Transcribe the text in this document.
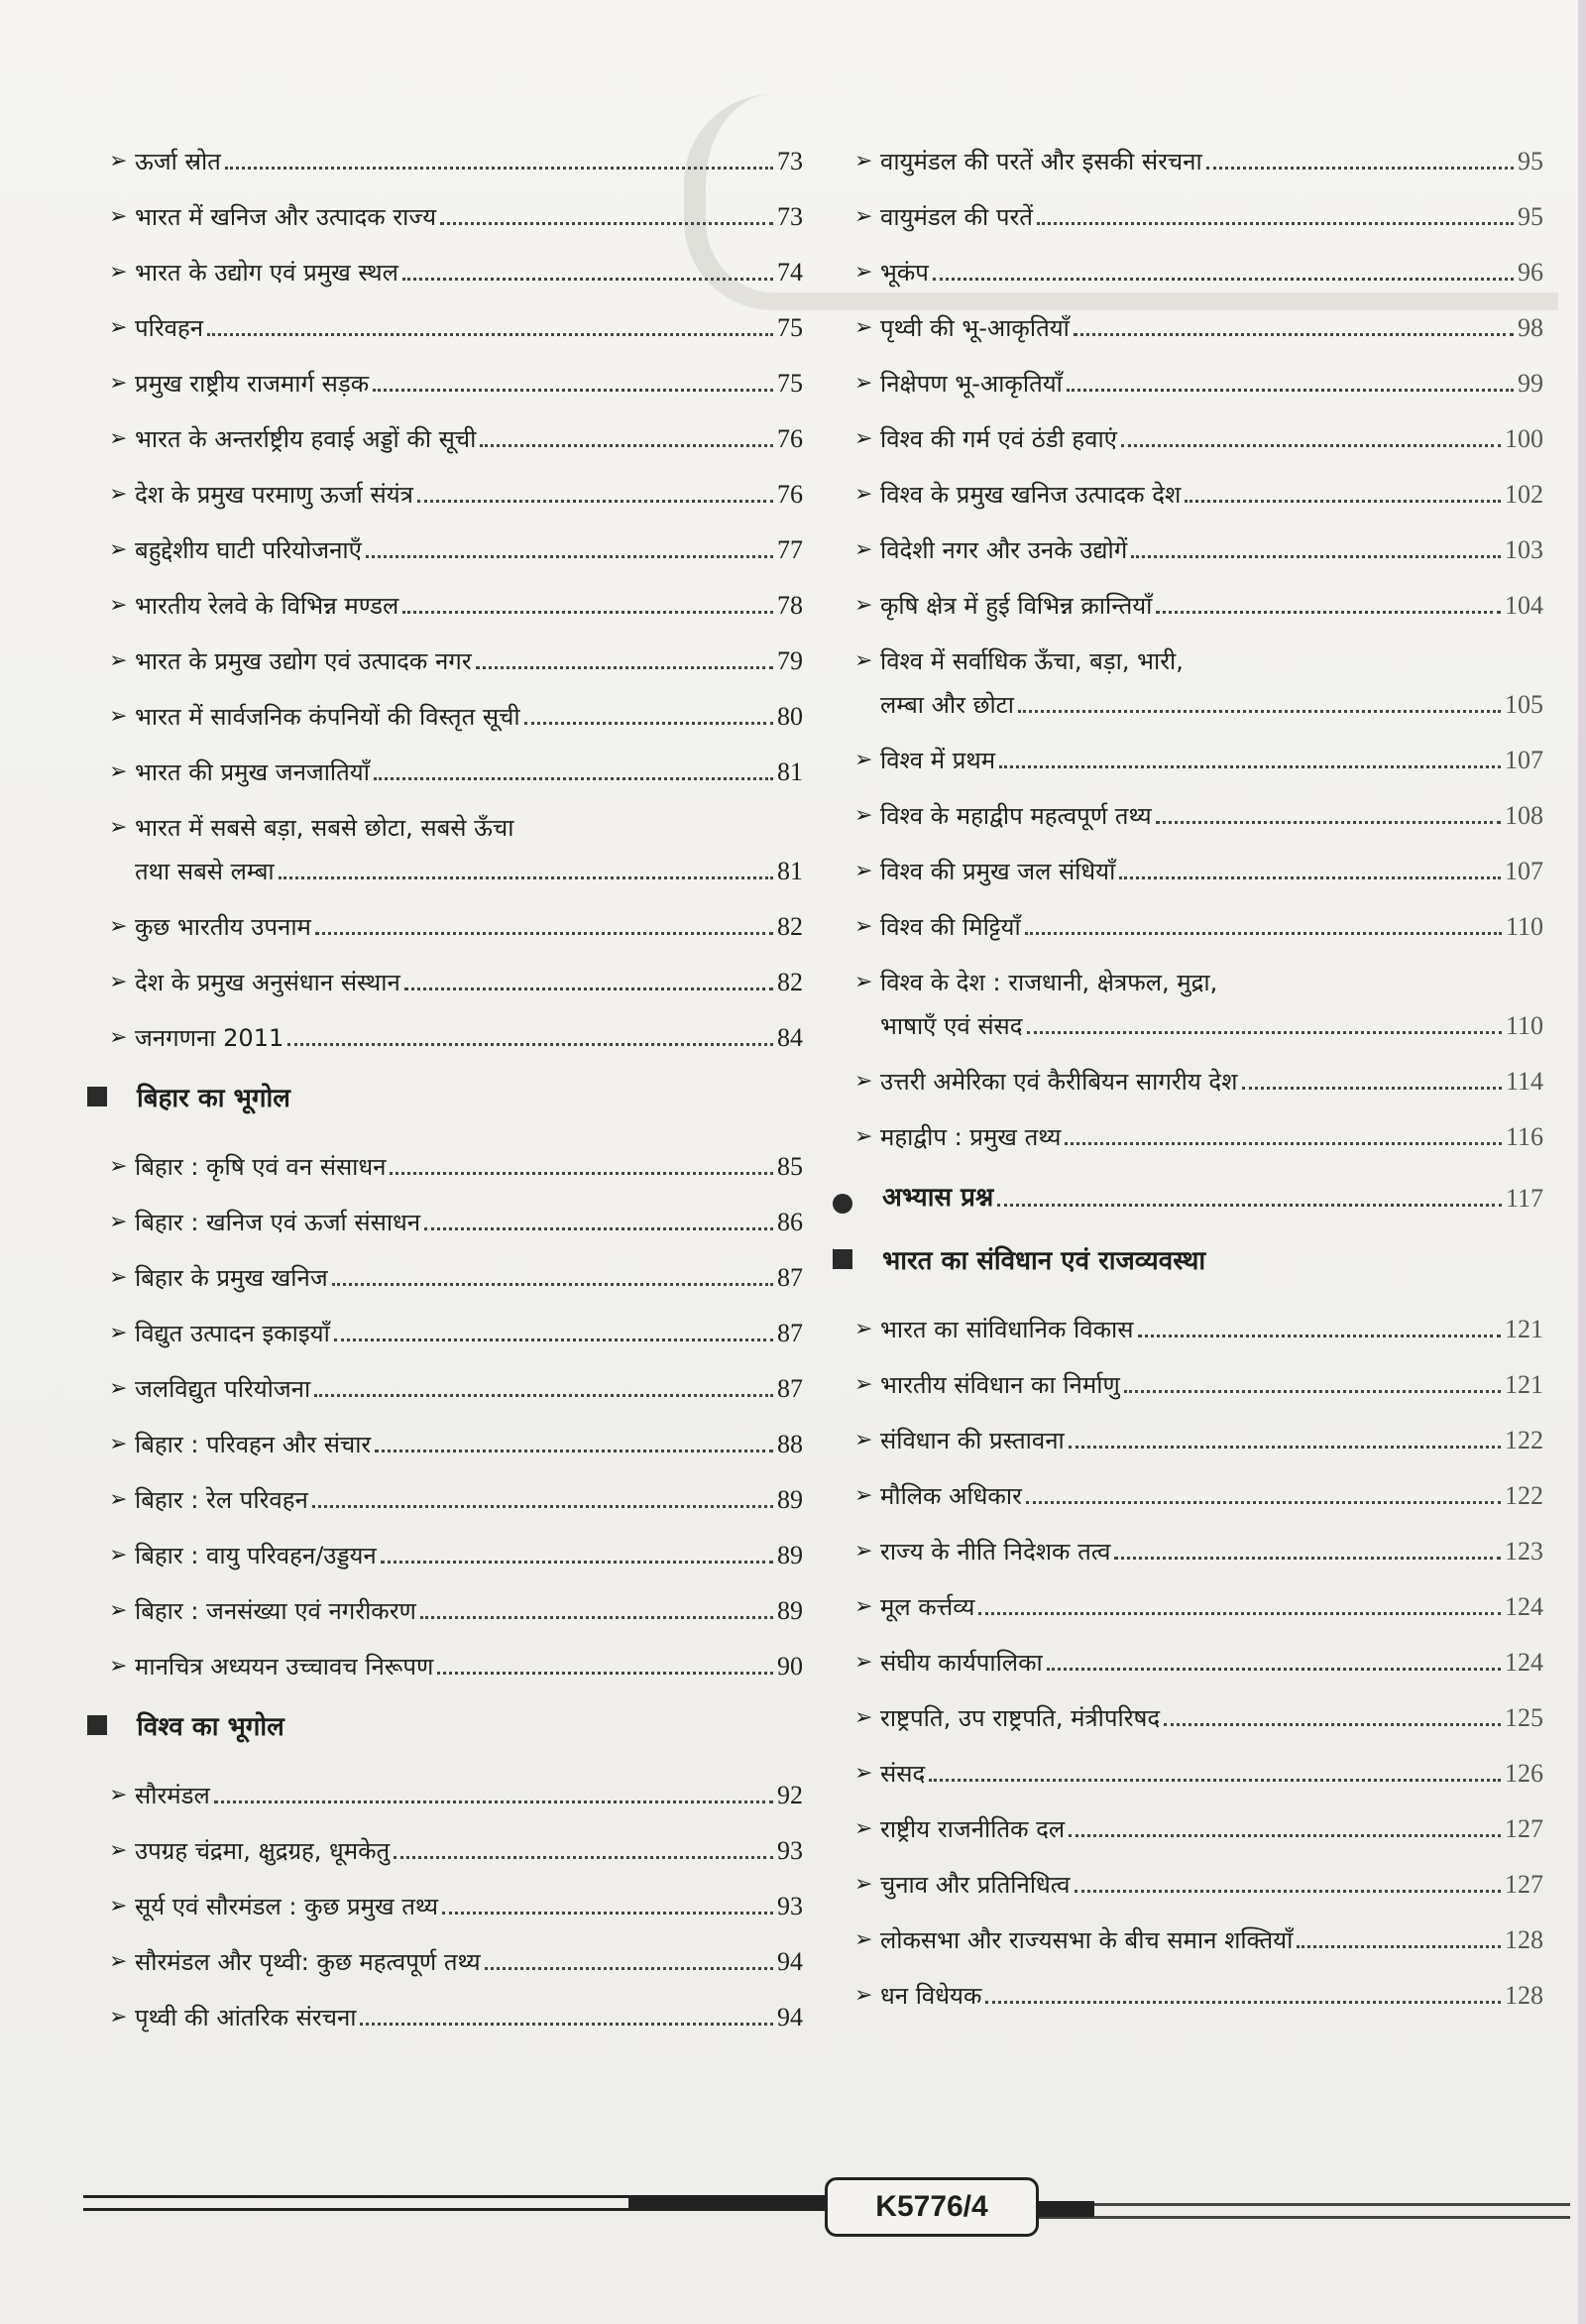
➢ ऊर्जा स्रोत	73
➢ भारत में खनिज और उत्पादक राज्य	73
➢ भारत के उद्योग एवं प्रमुख स्थल	74
➢ परिवहन	75
➢ प्रमुख राष्ट्रीय राजमार्ग सड़क	75
➢ भारत के अन्तर्राष्ट्रीय हवाई अड्डों की सूची	76
➢ देश के प्रमुख परमाणु ऊर्जा संयंत्र	76
➢ बहुद्देशीय घाटी परियोजनाएँ	77
➢ भारतीय रेलवे के विभिन्न मण्डल	78
➢ भारत के प्रमुख उद्योग एवं उत्पादक नगर	79
➢ भारत में सार्वजनिक कंपनियों की विस्तृत सूची	80
➢ भारत की प्रमुख जनजातियाँ	81
➢ भारत में सबसे बड़ा, सबसे छोटा, सबसे ऊँचा
तथा सबसे लम्बा	81
➢ कुछ भारतीय उपनाम	82
➢ देश के प्रमुख अनुसंधान संस्थान	82
➢ जनगणना 2011	84
बिहार का भूगोल
➢ बिहार : कृषि एवं वन संसाधन	85
➢ बिहार : खनिज एवं ऊर्जा संसाधन	86
➢ बिहार के प्रमुख खनिज	87
➢ विद्युत उत्पादन इकाइयाँ	87
➢ जलविद्युत परियोजना	87
➢ बिहार : परिवहन और संचार	88
➢ बिहार : रेल परिवहन	89
➢ बिहार : वायु परिवहन/उड्डयन	89
➢ बिहार : जनसंख्या एवं नगरीकरण	89
➢ मानचित्र अध्ययन उच्चावच निरूपण	90
विश्व का भूगोल
➢ सौरमंडल	92
➢ उपग्रह चंद्रमा, क्षुद्रग्रह, धूमकेतु	93
➢ सूर्य एवं सौरमंडल : कुछ प्रमुख तथ्य	93
➢ सौरमंडल और पृथ्वी: कुछ महत्वपूर्ण तथ्य	94
➢ पृथ्वी की आंतरिक संरचना	94
➢ वायुमंडल की परतें और इसकी संरचना	95
➢ वायुमंडल की परतें	95
➢ भूकंप	96
➢ पृथ्वी की भू-आकृतियाँ	98
➢ निक्षेपण भू-आकृतियाँ	99
➢ विश्व की गर्म एवं ठंडी हवाएं	100
➢ विश्व के प्रमुख खनिज उत्पादक देश	102
➢ विदेशी नगर और उनके उद्योगें	103
➢ कृषि क्षेत्र में हुई विभिन्न क्रान्तियाँ	104
➢ विश्व में सर्वाधिक ऊँचा, बड़ा, भारी,
लम्बा और छोटा	105
➢ विश्व में प्रथम	107
➢ विश्व के महाद्वीप महत्वपूर्ण तथ्य	108
➢ विश्व की प्रमुख जल संधियाँ	107
➢ विश्व की मिट्टियाँ	110
➢ विश्व के देश : राजधानी, क्षेत्रफल, मुद्रा,
भाषाएँ एवं संसद	110
➢ उत्तरी अमेरिका एवं कैरीबियन सागरीय देश	114
➢ महाद्वीप : प्रमुख तथ्य	116
अभ्यास प्रश्न	117
भारत का संविधान एवं राजव्यवस्था
➢ भारत का सांविधानिक विकास	121
➢ भारतीय संविधान का निर्माणु	121
➢ संविधान की प्रस्तावना	122
➢ मौलिक अधिकार	122
➢ राज्य के नीति निदेशक तत्व	123
➢ मूल कर्त्तव्य	124
➢ संघीय कार्यपालिका	124
➢ राष्ट्रपति, उप राष्ट्रपति, मंत्रीपरिषद	125
➢ संसद	126
➢ राष्ट्रीय राजनीतिक दल	127
➢ चुनाव और प्रतिनिधित्व	127
➢ लोकसभा और राज्यसभा के बीच समान शक्तियाँ	128
➢ धन विधेयक	128
K5776/4
